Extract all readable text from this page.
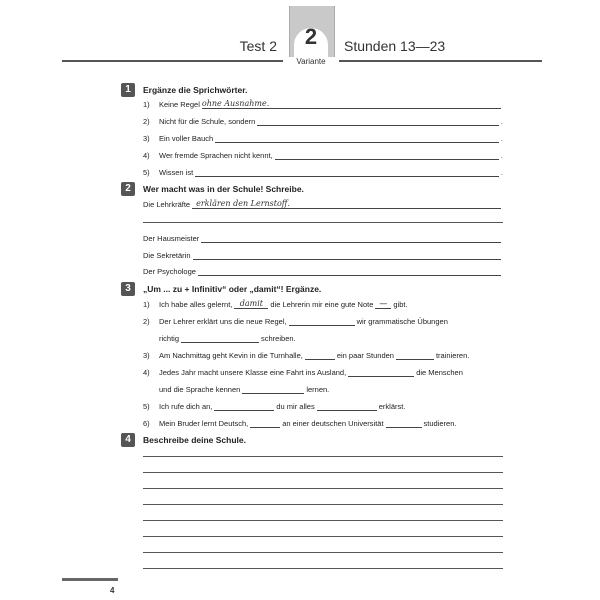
Test 2	2
Variante
Stunden 13—23
1	Ergänze die Sprichwörter.
1)	Keine Regel ohne Ausnahme.
2)	Nicht für die Schule, sondern	.
3)	Ein voller Bauch	.
4)	Wer fremde Sprachen nicht kennt,	.
5)	Wissen ist	.
2	Wer macht was in der Schule! Schreibe.
Die Lehrkräfte erklären den Lernstoff.
Der Hausmeister
Die Sekretärin
Der Psychologe
3	„Um ... zu + Infinitiv“ oder „damit“! Ergänze.
1)	Ich habe alles gelernt, damit die Lehrerin mir eine gute Note — gibt.
2)	Der Lehrer erklärt uns die neue Regel,	wir grammatische Übungen
richtig	schreiben.
3)	Am Nachmittag geht Kevin in die Turnhalle,	ein paar Stunden	trainieren.
4)	Jedes Jahr macht unsere Klasse eine Fahrt ins Ausland,	die Menschen
und die Sprache kennen	lernen.
5)	Ich rufe dich an,	du mir alles	erklärst.
6)	Mein Bruder lernt Deutsch,	an einer deutschen Universität	studieren.
4	Beschreibe deine Schule.
4
